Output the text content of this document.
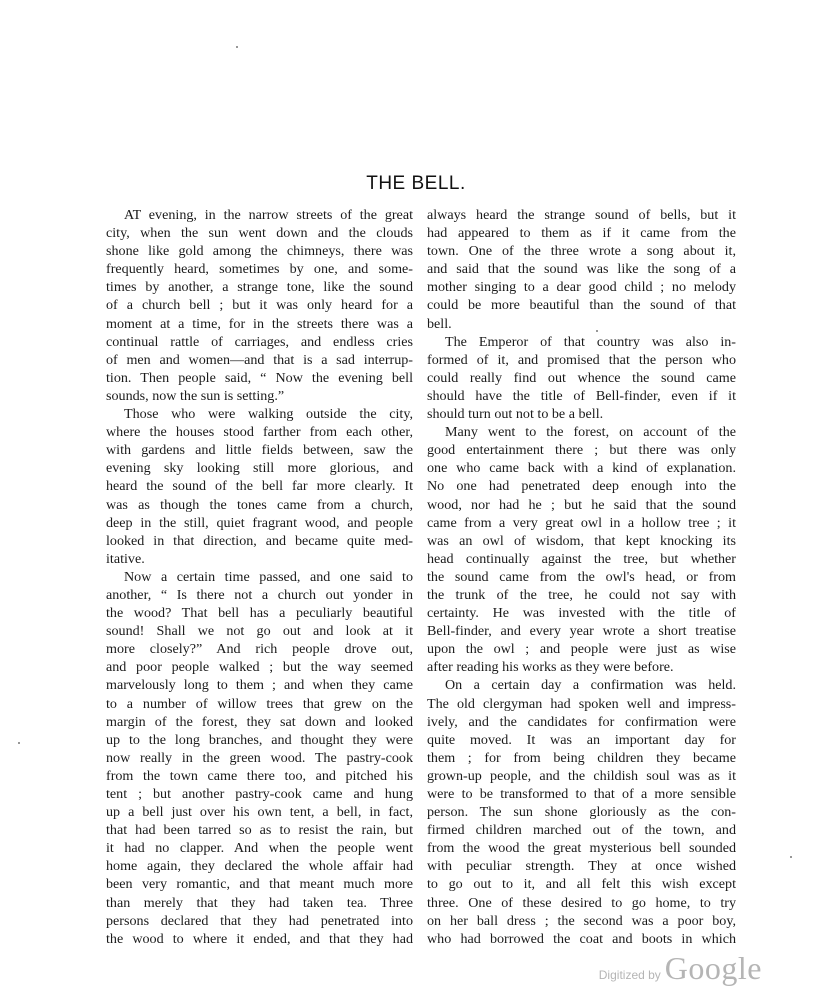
THE BELL.
AT evening, in the narrow streets of the great
city, when the sun went down and the clouds
shone like gold among the chimneys, there was
frequently heard, sometimes by one, and some-
times by another, a strange tone, like the sound
of a church bell ; but it was only heard for a
moment at a time, for in the streets there was a
continual rattle of carriages, and endless cries
of men and women—and that is a sad interrup-
tion. Then people said, “ Now the evening bell
sounds, now the sun is setting.”
Those who were walking outside the city,
where the houses stood farther from each other,
with gardens and little fields between, saw the
evening sky looking still more glorious, and
heard the sound of the bell far more clearly. It
was as though the tones came from a church,
deep in the still, quiet fragrant wood, and people
looked in that direction, and became quite med-
itative.
Now a certain time passed, and one said to
another, “ Is there not a church out yonder in
the wood? That bell has a peculiarly beautiful
sound! Shall we not go out and look at it
more closely?” And rich people drove out,
and poor people walked ; but the way seemed
marvelously long to them ; and when they came
to a number of willow trees that grew on the
margin of the forest, they sat down and looked
up to the long branches, and thought they were
now really in the green wood. The pastry-cook
from the town came there too, and pitched his
tent ; but another pastry-cook came and hung
up a bell just over his own tent, a bell, in fact,
that had been tarred so as to resist the rain, but
it had no clapper. And when the people went
home again, they declared the whole affair had
been very romantic, and that meant much more
than merely that they had taken tea. Three
persons declared that they had penetrated into
the wood to where it ended, and that they had
always heard the strange sound of bells, but it
had appeared to them as if it came from the
town. One of the three wrote a song about it,
and said that the sound was like the song of a
mother singing to a dear good child ; no melody
could be more beautiful than the sound of that
bell.
The Emperor of that country was also in-
formed of it, and promised that the person who
could really find out whence the sound came
should have the title of Bell-finder, even if it
should turn out not to be a bell.
Many went to the forest, on account of the
good entertainment there ; but there was only
one who came back with a kind of explanation.
No one had penetrated deep enough into the
wood, nor had he ; but he said that the sound
came from a very great owl in a hollow tree ; it
was an owl of wisdom, that kept knocking its
head continually against the tree, but whether
the sound came from the owl's head, or from
the trunk of the tree, he could not say with
certainty. He was invested with the title of
Bell-finder, and every year wrote a short treatise
upon the owl ; and people were just as wise
after reading his works as they were before.
On a certain day a confirmation was held.
The old clergyman had spoken well and impress-
ively, and the candidates for confirmation were
quite moved. It was an important day for
them ; for from being children they became
grown-up people, and the childish soul was as it
were to be transformed to that of a more sensible
person. The sun shone gloriously as the con-
firmed children marched out of the town, and
from the wood the great mysterious bell sounded
with peculiar strength. They at once wished
to go out to it, and all felt this wish except
three. One of these desired to go home, to try
on her ball dress ; the second was a poor boy,
who had borrowed the coat and boots in which
Digitized by Google
